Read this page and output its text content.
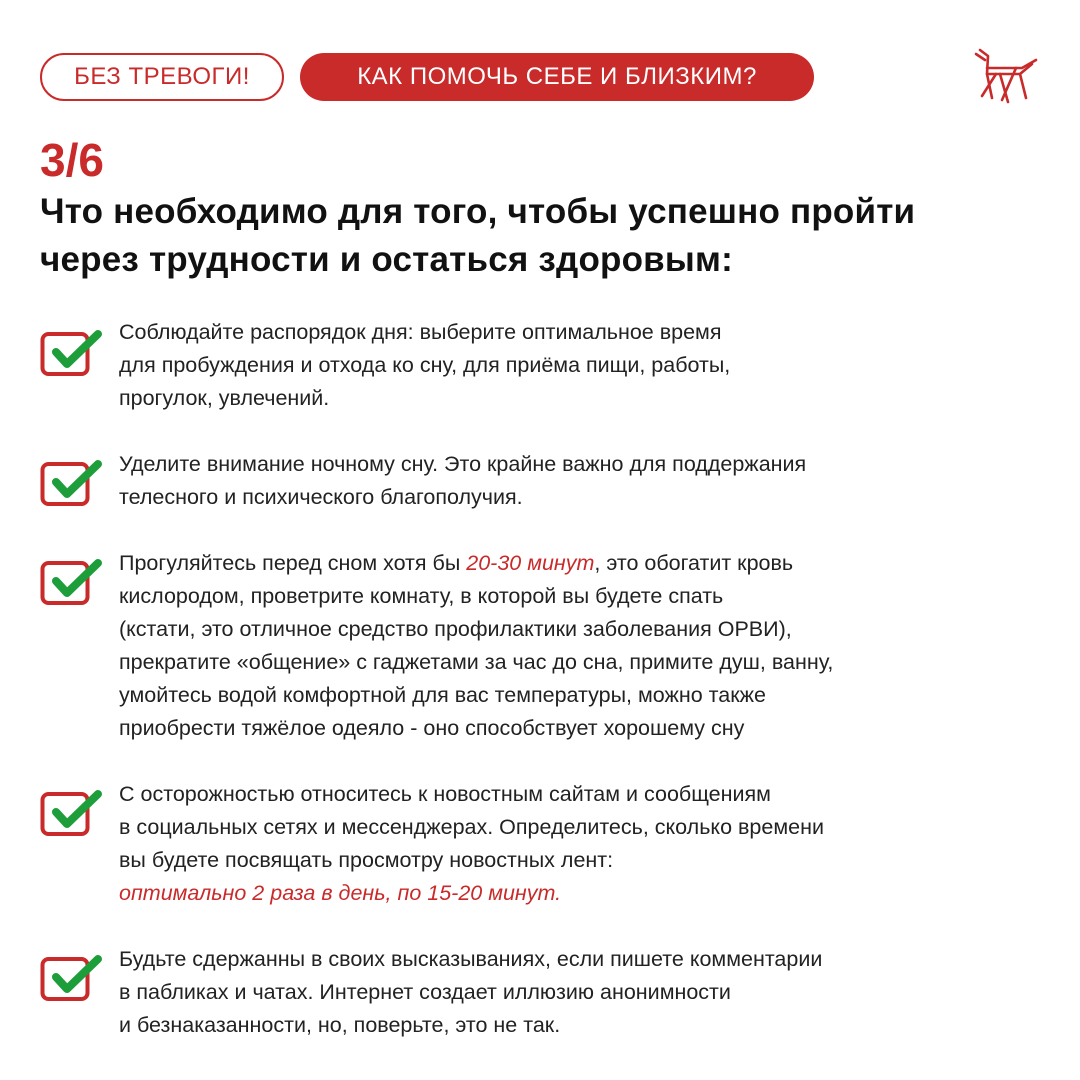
БЕЗ ТРЕВОГИ!	КАК ПОМОЧЬ СЕБЕ И БЛИЗКИМ?
3/6
Что необходимо для того, чтобы успешно пройти
через трудности и остаться здоровым:
Соблюдайте распорядок дня: выберите оптимальное время
для пробуждения и отхода ко сну, для приёма пищи, работы,
прогулок, увлечений.
Уделите внимание ночному сну. Это крайне важно для поддержания
телесного и психического благополучия.
Прогуляйтесь перед сном хотя бы 20-30 минут, это обогатит кровь
кислородом, проветрите комнату, в которой вы будете спать
(кстати, это отличное средство профилактики заболевания ОРВИ),
прекратите «общение» с гаджетами за час до сна, примите душ, ванну,
умойтесь водой комфортной для вас температуры, можно также
приобрести тяжёлое одеяло - оно способствует хорошему сну
С осторожностью относитесь к новостным сайтам и сообщениям
в социальных сетях и мессенджерах. Определитесь, сколько времени
вы будете посвящать просмотру новостных лент:
оптимально 2 раза в день, по 15-20 минут.
Будьте сдержанны в своих высказываниях, если пишете комментарии
в пабликах и чатах. Интернет создает иллюзию анонимности
и безнаказанности, но, поверьте, это не так.
